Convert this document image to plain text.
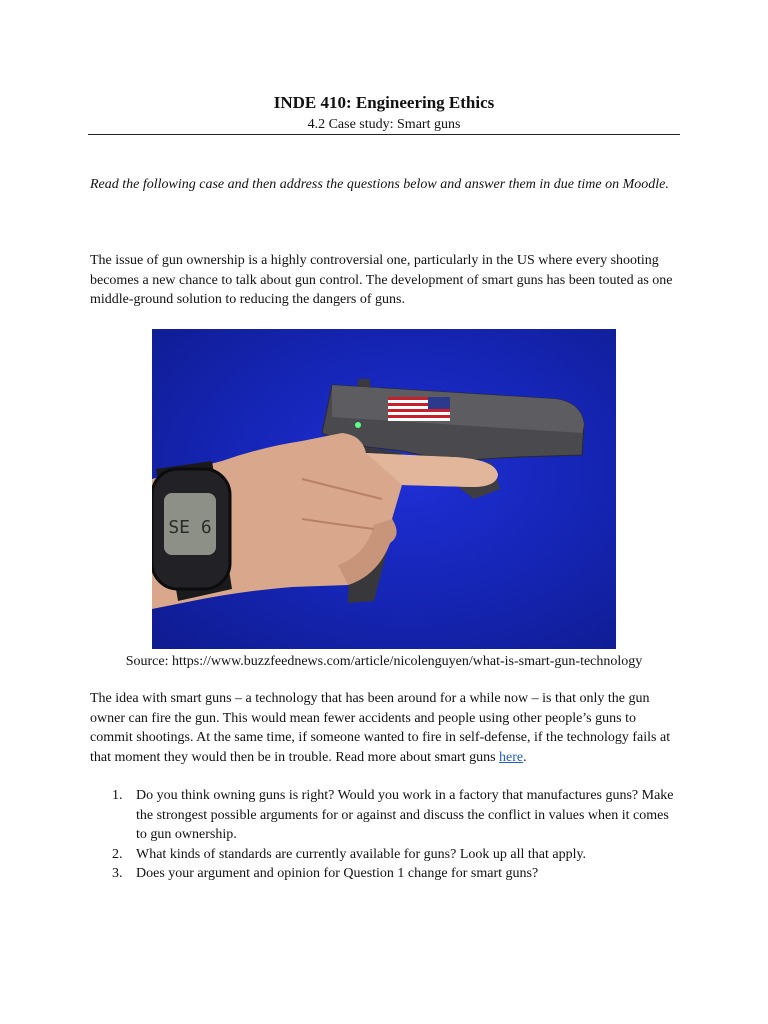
INDE 410: Engineering Ethics
4.2 Case study: Smart guns
Read the following case and then address the questions below and answer them in due time on Moodle.
The issue of gun ownership is a highly controversial one, particularly in the US where every shooting becomes a new chance to talk about gun control. The development of smart guns has been touted as one middle-ground solution to reducing the dangers of guns.
SE 6
Source: https://www.buzzfeednews.com/article/nicolenguyen/what-is-smart-gun-technology
The idea with smart guns – a technology that has been around for a while now – is that only the gun owner can fire the gun. This would mean fewer accidents and people using other people’s guns to commit shootings. At the same time, if someone wanted to fire in self-defense, if the technology fails at that moment they would then be in trouble. Read more about smart guns here.
1. Do you think owning guns is right? Would you work in a factory that manufactures guns? Make the strongest possible arguments for or against and discuss the conflict in values when it comes to gun ownership.
2. What kinds of standards are currently available for guns? Look up all that apply.
3. Does your argument and opinion for Question 1 change for smart guns?
